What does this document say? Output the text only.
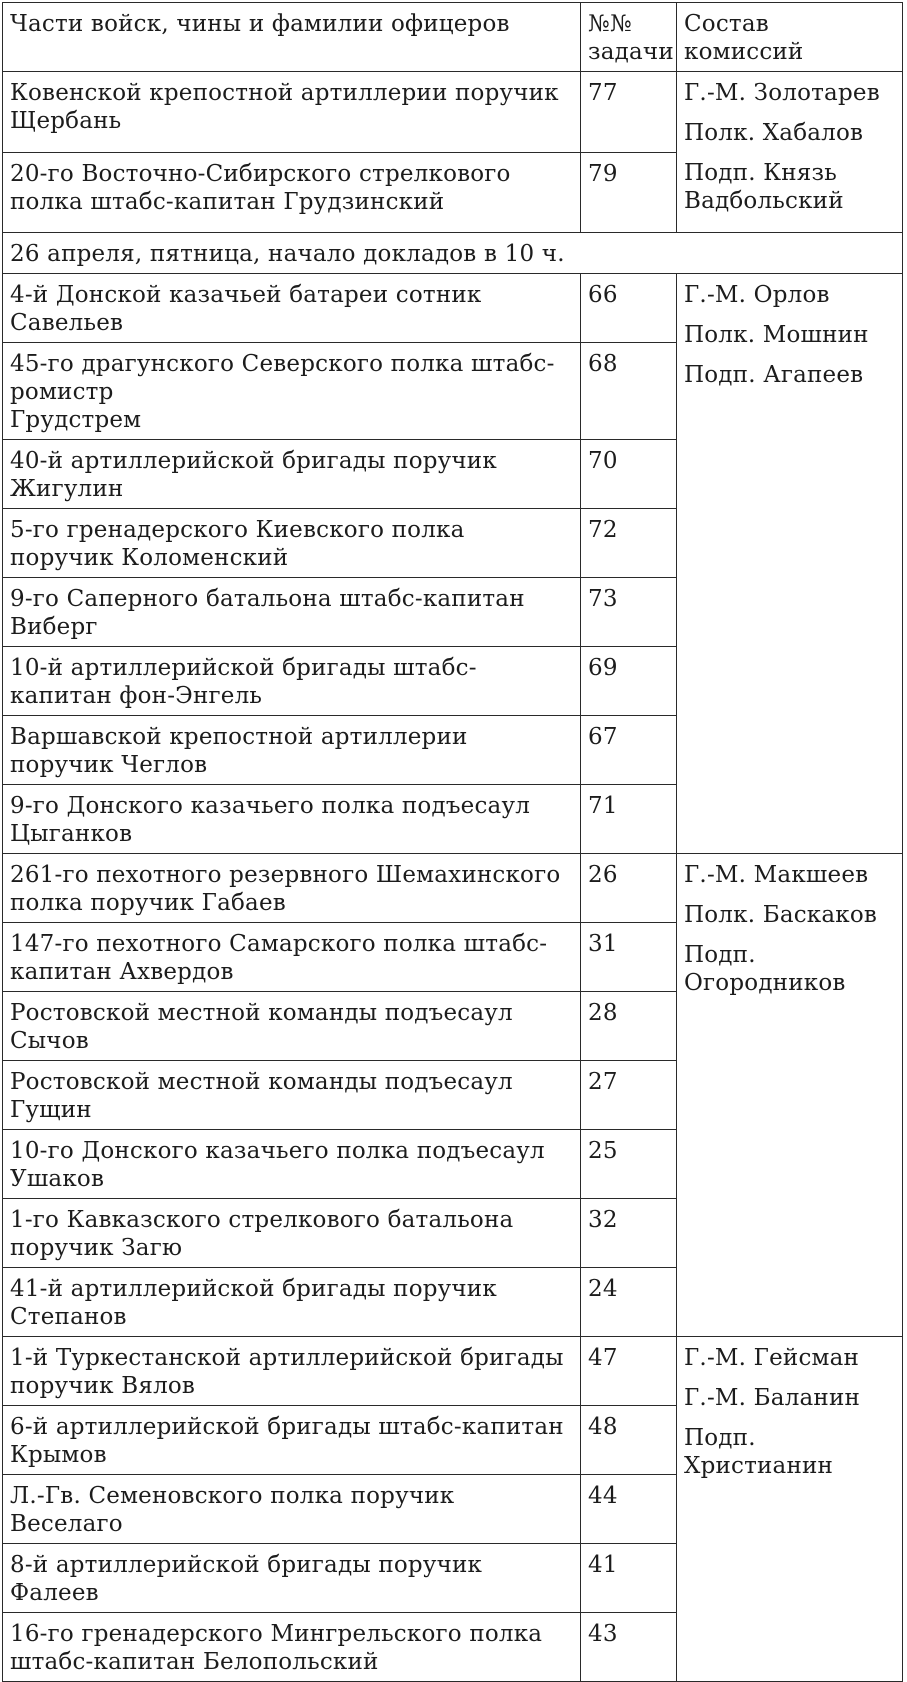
Части войск, чины и фамилии офицеров	№№
задачи	Состав комиссий
Ковенской крепостной артиллерии поручик Щербань	77	Г.-М. Золотарев
Полк. Хабалов
Подп. Князь Вадбольский

20-го Восточно-Сибирского стрелкового полка штабс-капитан Грудзинский	79	
26 апреля, пятница, начало докладов в 10 ч.		
4-й Донской казачьей батареи сотник Савельев	66	Г.-М. Орлов
Полк. Мошнин
Подп. Агапеев

45-го драгунского Северского полка штабс-ромистр
Грудстрем	68	
40-й артиллерийской бригады поручик Жигулин	70	
5-го гренадерского Киевского полка поручик Коломенский	72	
9-го Саперного батальона штабс-капитан Виберг	73	
10-й артиллерийской бригады штабс-капитан фон-Энгель	69	
Варшавской крепостной артиллерии поручик Чеглов	67	
9-го Донского казачьего полка подъесаул Цыганков	71	
261-го пехотного резервного Шемахинского полка поручик Габаев	26	Г.-М. Макшеев
Полк. Баскаков
Подп. Огородников

147-го пехотного Самарского полка штабс-капитан Ахвердов	31	
Ростовской местной команды подъесаул Сычов	28	
Ростовской местной команды подъесаул Гущин	27	
10-го Донского казачьего полка подъесаул Ушаков	25	
1-го Кавказского стрелкового батальона поручик Загю	32	
41-й артиллерийской бригады поручик Степанов	24	
1-й Туркестанской артиллерийской бригады поручик Вялов	47	Г.-М. Гейсман
Г.-М. Баланин
Подп. Христианин

6-й артиллерийской бригады штабс-капитан Крымов	48	
Л.-Гв. Семеновского полка поручик Веселаго	44	
8-й артиллерийской бригады поручик Фалеев	41	
16-го гренадерского Мингрельского полка штабс-капитан Белопольский	43	
